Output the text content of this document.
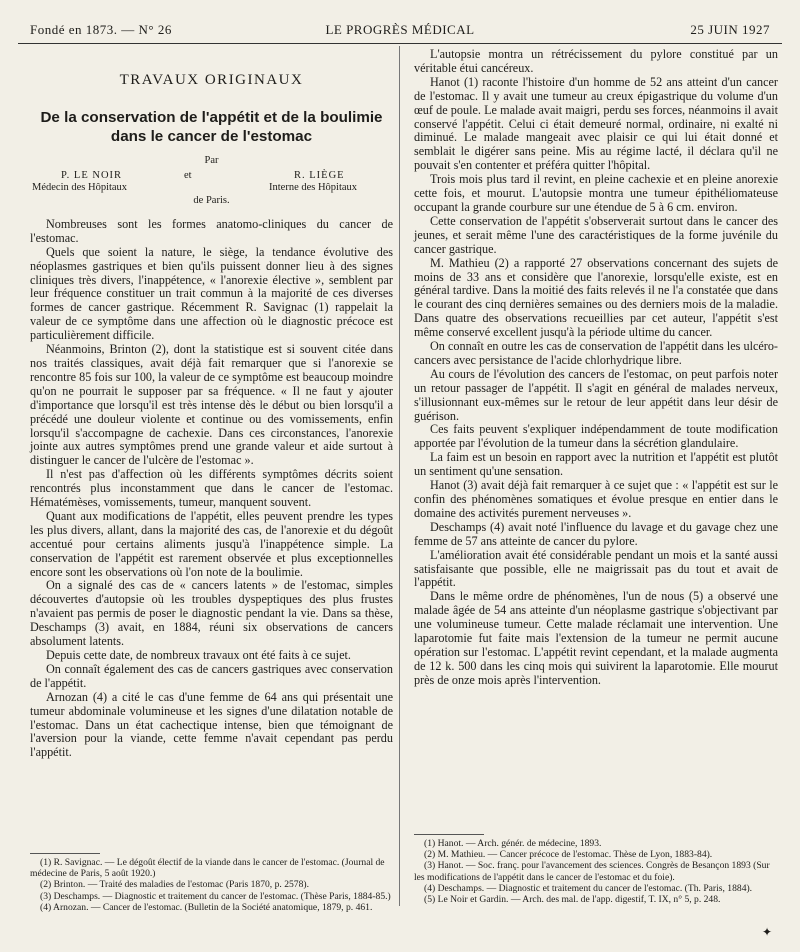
Fondé en 1873. — N° 26	LE PROGRÈS MÉDICAL	25 JUIN 1927
TRAVAUX ORIGINAUX
De la conservation de l'appétit et de la boulimie dans le cancer de l'estomac
Par
P. LE NOIR	et	R. LIÈGE
Médecin des Hôpitaux	Interne des Hôpitaux
de Paris.

Nombreuses sont les formes anatomo-cliniques du cancer de l'estomac.

Quels que soient la nature, le siège, la tendance évolutive des néoplasmes gastriques et bien qu'ils puissent donner lieu à des signes cliniques très divers, l'inappétence, « l'anorexie élective », semblent par leur fréquence constituer un trait commun à la majorité de ces diverses formes de cancer gastrique. Récemment R. Savignac (1) rappelait la valeur de ce symptôme dans une affection où le diagnostic précoce est particulièrement difficile.

Néanmoins, Brinton (2), dont la statistique est si souvent citée dans nos traités classiques, avait déjà fait remarquer que si l'anorexie se rencontre 85 fois sur 100, la valeur de ce symptôme est beaucoup moindre qu'on ne pourrait le supposer par sa fréquence. « Il ne faut y ajouter d'importance que lorsqu'il est très intense dès le début ou bien lorsqu'il a précédé une douleur violente et continue ou des vomissements, enfin lorsqu'il s'accompagne de cachexie. Dans ces circonstances, l'anorexie jointe aux autres symptômes prend une grande valeur et aide surtout à distinguer le cancer de l'ulcère de l'estomac ».

Il n'est pas d'affection où les différents symptômes décrits soient rencontrés plus inconstamment que dans le cancer de l'estomac. Hématémèses, vomissements, tumeur, manquent souvent.

Quant aux modifications de l'appétit, elles peuvent prendre les types les plus divers, allant, dans la majorité des cas, de l'anorexie et du dégoût accentué pour certains aliments jusqu'à l'inappétence simple. La conservation de l'appétit est rarement observée et plus exceptionnelles encore sont les observations où l'on note de la boulimie.

On a signalé des cas de « cancers latents » de l'estomac, simples découvertes d'autopsie où les troubles dyspeptiques des plus frustes n'avaient pas permis de poser le diagnostic pendant la vie. Dans sa thèse, Deschamps (3) avait, en 1884, réuni six observations de cancers absolument latents.

Depuis cette date, de nombreux travaux ont été faits à ce sujet.

On connaît également des cas de cancers gastriques avec conservation de l'appétit.

Arnozan (4) a cité le cas d'une femme de 64 ans qui présentait une tumeur abdominale volumineuse et les signes d'une dilatation notable de l'estomac. Dans un état cachectique intense, bien que témoignant de l'aversion pour la viande, cette femme n'avait cependant pas perdu l'appétit.

L'autopsie montra un rétrécissement du pylore constitué par un véritable étui cancéreux.

Hanot (1) raconte l'histoire d'un homme de 52 ans atteint d'un cancer de l'estomac. Il y avait une tumeur au creux épigastrique du volume d'un œuf de poule. Le malade avait maigri, perdu ses forces, néanmoins il avait conservé l'appétit. Celui ci était demeuré normal, ordinaire, ni exalté ni diminué. Le malade mangeait avec plaisir ce qui lui était donné et semblait le digérer sans peine. Mis au régime lacté, il déclara qu'il ne pouvait s'en contenter et préféra quitter l'hôpital.

Trois mois plus tard il revint, en pleine cachexie et en pleine anorexie cette fois, et mourut. L'autopsie montra une tumeur épithéliomateuse occupant la grande courbure sur une étendue de 5 à 6 cm. environ.

Cette conservation de l'appétit s'observerait surtout dans le cancer des jeunes, et serait même l'une des caractéristiques de la forme juvénile du cancer gastrique.

M. Mathieu (2) a rapporté 27 observations concernant des sujets de moins de 33 ans et considère que l'anorexie, lorsqu'elle existe, est en général tardive. Dans la moitié des faits relevés il ne l'a constatée que dans le courant des cinq dernières semaines ou des derniers mois de la maladie. Dans quatre des observations recueillies par cet auteur, l'appétit s'est même conservé excellent jusqu'à la période ultime du cancer.

On connaît en outre les cas de conservation de l'appétit dans les ulcéro-cancers avec persistance de l'acide chlorhydrique libre.

Au cours de l'évolution des cancers de l'estomac, on peut parfois noter un retour passager de l'appétit. Il s'agit en général de malades nerveux, s'illusionnant eux-mêmes sur le retour de leur appétit dans leur désir de guérison.

Ces faits peuvent s'expliquer indépendamment de toute modification apportée par l'évolution de la tumeur dans la sécrétion glandulaire.

La faim est un besoin en rapport avec la nutrition et l'appétit est plutôt un sentiment qu'une sensation.

Hanot (3) avait déjà fait remarquer à ce sujet que : « l'appétit est sur le confin des phénomènes somatiques et évolue presque en entier dans le domaine des activités purement nerveuses ».

Deschamps (4) avait noté l'influence du lavage et du gavage chez une femme de 57 ans atteinte de cancer du pylore.

L'amélioration avait été considérable pendant un mois et la santé aussi satisfaisante que possible, elle ne maigrissait pas du tout et avait de l'appétit.

Dans le même ordre de phénomènes, l'un de nous (5) a observé une malade âgée de 54 ans atteinte d'un néoplasme gastrique s'objectivant par une volumineuse tumeur. Cette malade réclamait une intervention. Une laparotomie fut faite mais l'extension de la tumeur ne permit aucune opération sur l'estomac. L'appétit revint cependant, et la malade augmenta de 12 k. 500 dans les cinq mois qui suivirent la laparotomie. Elle mourut près de onze mois après l'intervention.

(1) R. Savignac. — Le dégoût électif de la viande dans le cancer de l'estomac. (Journal de médecine de Paris, 5 août 1920.)

(2) Brinton. — Traité des maladies de l'estomac (Paris 1870, p. 2578).

(3) Deschamps. — Diagnostic et traitement du cancer de l'estomac. (Thèse Paris, 1884-85.)

(4) Arnozan. — Cancer de l'estomac. (Bulletin de la Société anatomique, 1879, p. 461.

(1) Hanot. — Arch. génér. de médecine, 1893.

(2) M. Mathieu. — Cancer précoce de l'estomac. Thèse de Lyon, 1883-84).

(3) Hanot. — Soc. franç. pour l'avancement des sciences. Congrès de Besançon 1893 (Sur les modifications de l'appétit dans le cancer de l'estomac et du foie).

(4) Deschamps. — Diagnostic et traitement du cancer de l'estomac. (Th. Paris, 1884).

(5) Le Noir et Gardin. — Arch. des mal. de l'app. digestif, T. IX, n° 5, p. 248.

✦
